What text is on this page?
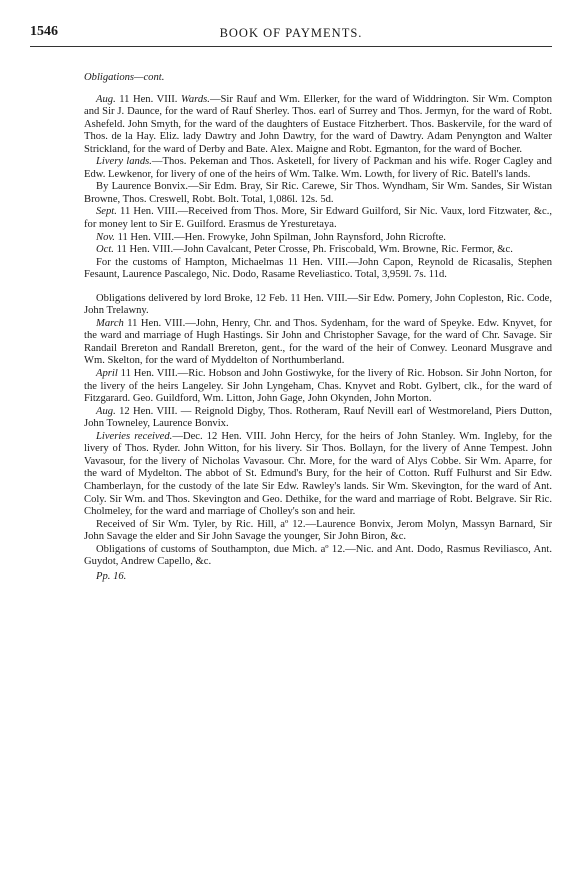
1546	BOOK OF PAYMENTS.

Obligations—cont.

Aug. 11 Hen. VIII. Wards.—Sir Rauf and Wm. Ellerker, for the ward of Widdrington. Sir Wm. Compton and Sir J. Daunce, for the ward of Rauf Sherley. Thos. earl of Surrey and Thos. Jermyn, for the ward of Robt. Ashefeld. John Smyth, for the ward of the daughters of Eustace Fitzherbert. Thos. Baskervile, for the ward of Thos. de la Hay. Eliz. lady Dawtry and John Dawtry, for the ward of Dawtry. Adam Penyngton and Walter Strickland, for the ward of Derby and Bate. Alex. Maigne and Robt. Egmanton, for the ward of Bocher.

Livery lands.—Thos. Pekeman and Thos. Asketell, for livery of Packman and his wife. Roger Cagley and Edw. Lewkenor, for livery of one of the heirs of Wm. Talke. Wm. Lowth, for livery of Ric. Batell's lands.

By Laurence Bonvix.—Sir Edm. Bray, Sir Ric. Carewe, Sir Thos. Wyndham, Sir Wm. Sandes, Sir Wistan Browne, Thos. Creswell, Robt. Bolt. Total, 1,086l. 12s. 5d.

Sept. 11 Hen. VIII.—Received from Thos. More, Sir Edward Guilford, Sir Nic. Vaux, lord Fitzwater, &c., for money lent to Sir E. Guilford. Erasmus de Yresturetaya.

Nov. 11 Hen. VIII.—Hen. Frowyke, John Spilman, John Raynsford, John Ricrofte.

Oct. 11 Hen. VIII.—John Cavalcant, Peter Crosse, Ph. Friscobald, Wm. Browne, Ric. Fermor, &c.

For the customs of Hampton, Michaelmas 11 Hen. VIII.—John Capon, Reynold de Ricasalis, Stephen Fesaunt, Laurence Pascalego, Nic. Dodo, Rasame Reveliastico. Total, 3,959l. 7s. 11d.

Obligations delivered by lord Broke, 12 Feb. 11 Hen. VIII.—Sir Edw. Pomery, John Copleston, Ric. Code, John Trelawny.

March 11 Hen. VIII.—John, Henry, Chr. and Thos. Sydenham, for the ward of Speyke. Edw. Knyvet, for the ward and marriage of Hugh Hastings. Sir John and Christopher Savage, for the ward of Chr. Savage. Sir Randail Brereton and Randall Brereton, gent., for the ward of the heir of Conwey. Leonard Musgrave and Wm. Skelton, for the ward of Myddelton of Northumberland.

April 11 Hen. VIII.—Ric. Hobson and John Gostiwyke, for the livery of Ric. Hobson. Sir John Norton, for the livery of the heirs Langeley. Sir John Lyngeham, Chas. Knyvet and Robt. Gylbert, clk., for the ward of Fitzgarard. Geo. Guildford, Wm. Litton, John Gage, John Okynden, John Morton.

Aug. 12 Hen. VIII. — Reignold Digby, Thos. Rotheram, Rauf Nevill earl of Westmoreland, Piers Dutton, John Towneley, Laurence Bonvix.

Liveries received.—Dec. 12 Hen. VIII. John Hercy, for the heirs of John Stanley. Wm. Ingleby, for the livery of Thos. Ryder. John Witton, for his livery. Sir Thos. Bollayn, for the livery of Anne Tempest. John Vavasour, for the livery of Nicholas Vavasour. Chr. More, for the ward of Alys Cobbe. Sir Wm. Aparre, for the ward of Mydelton. The abbot of St. Edmund's Bury, for the heir of Cotton. Ruff Fulhurst and Sir Edw. Chamberlayn, for the custody of the late Sir Edw. Rawley's lands. Sir Wm. Skevington, for the ward of Ant. Coly. Sir Wm. and Thos. Skevington and Geo. Dethike, for the ward and marriage of Robt. Belgrave. Sir Ric. Cholmeley, for the ward and marriage of Cholley's son and heir.

Received of Sir Wm. Tyler, by Ric. Hill, aº 12.—Laurence Bonvix, Jerom Molyn, Massyn Barnard, Sir John Savage the elder and Sir John Savage the younger, Sir John Biron, &c.

Obligations of customs of Southampton, due Mich. aº 12.—Nic. and Ant. Dodo, Rasmus Reviliasco, Ant. Guydot, Andrew Capello, &c.

Pp. 16.
